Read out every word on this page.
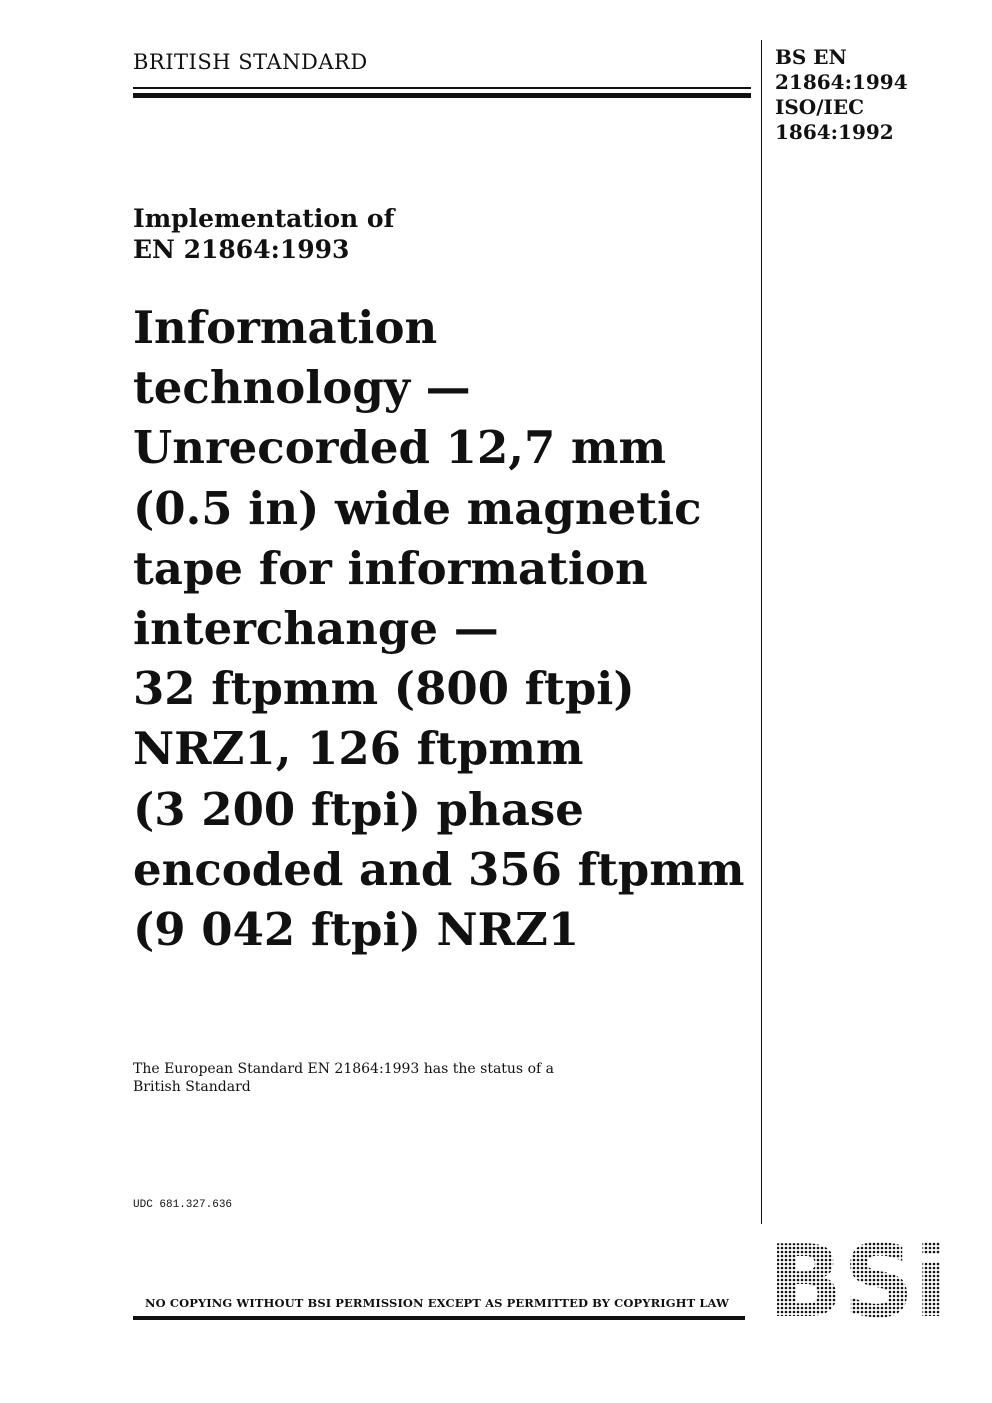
BRITISH STANDARD	BS EN
21864:1994
ISO/IEC
1864:1992
Implementation of
EN 21864:1993
Information
technology —
Unrecorded 12,7 mm
(0.5 in) wide magnetic
tape for information
interchange —
32 ftpmm (800 ftpi)
NRZ1, 126 ftpmm
(3 200 ftpi) phase
encoded and 356 ftpmm
(9 042 ftpi) NRZ1
The European Standard EN 21864:1993 has the status of a
British Standard
UDC 681.327.636
NO COPYING WITHOUT BSI PERMISSION EXCEPT AS PERMITTED BY COPYRIGHT LAW
